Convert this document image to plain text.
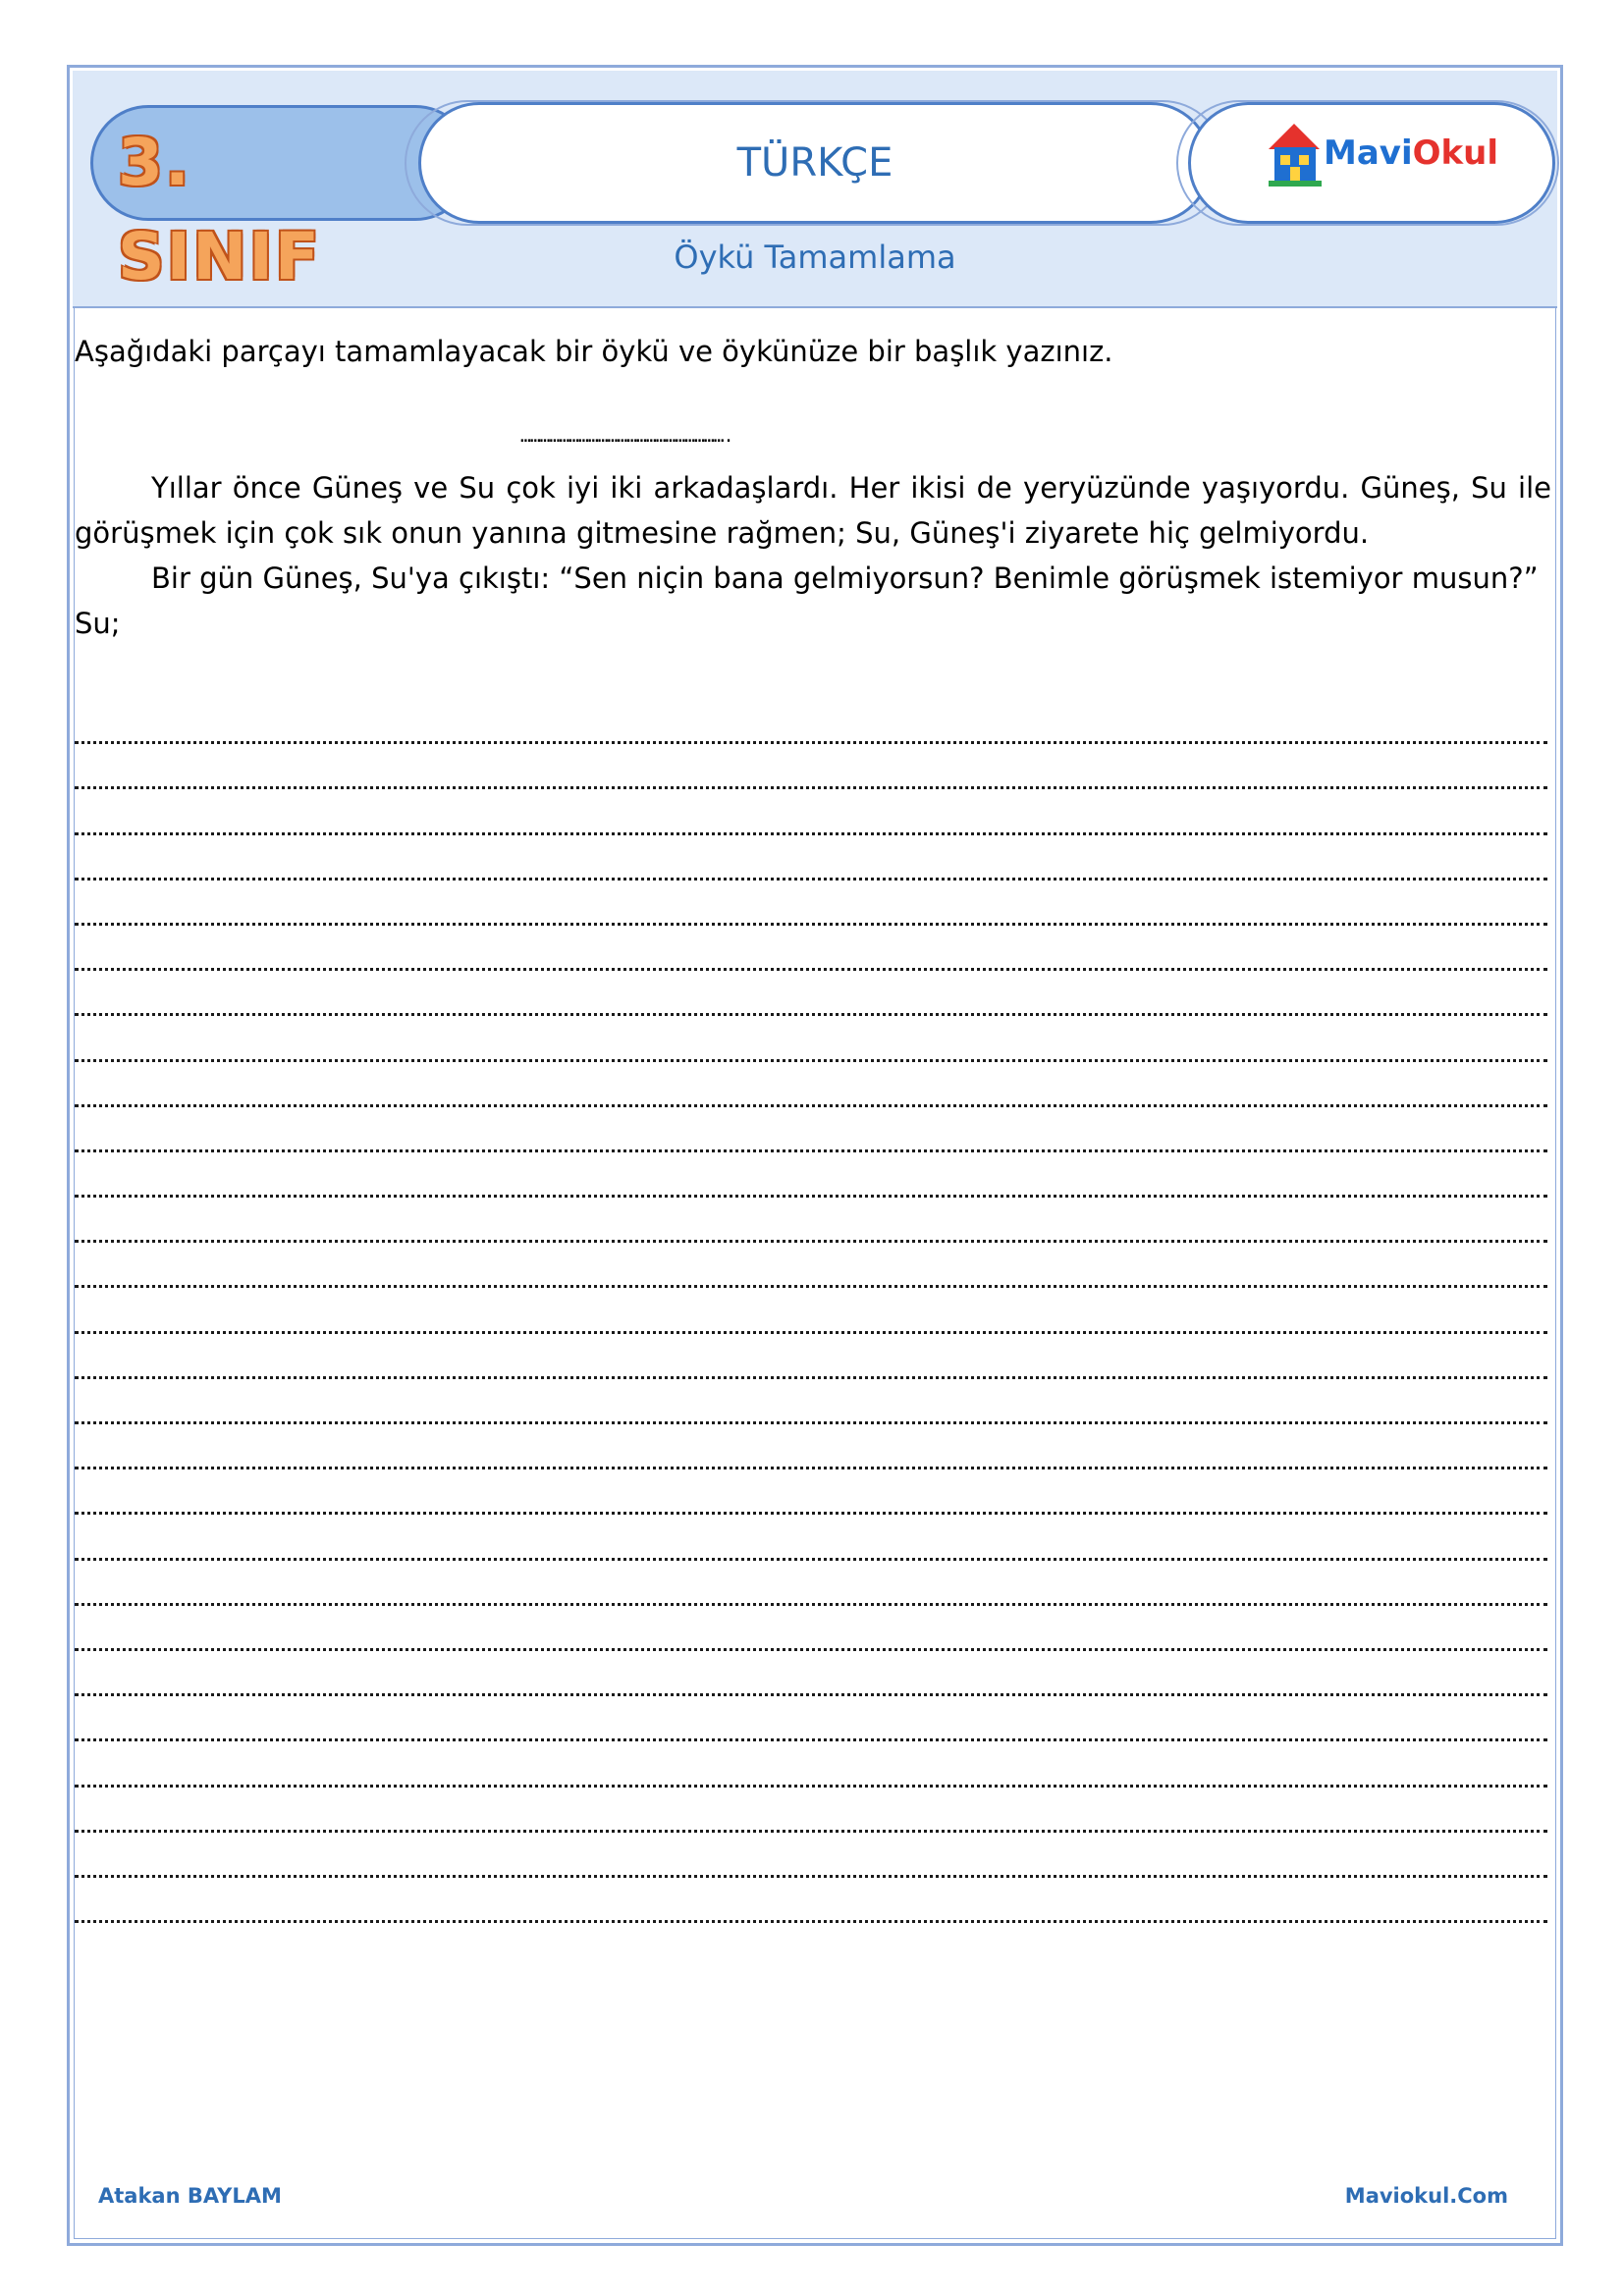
3. SINIF
TÜRKÇE	MaviOkul
Öykü Tamamlama
Aşağıdaki parçayı tamamlayacak bir öykü ve öykünüze bir başlık yazınız.
……………………………………………………….

Yıllar önce Güneş ve Su çok iyi iki arkadaşlardı. Her ikisi de yeryüzünde yaşıyordu. Güneş, Su ile görüşmek için çok sık onun yanına gitmesine rağmen; Su, Güneş'i ziyarete hiç gelmiyordu.

Bir gün Güneş, Su'ya çıkıştı: “Sen niçin bana gelmiyorsun? Benimle görüşmek istemiyor musun?”

Su;

Atakan BAYLAM	Maviokul.Com
